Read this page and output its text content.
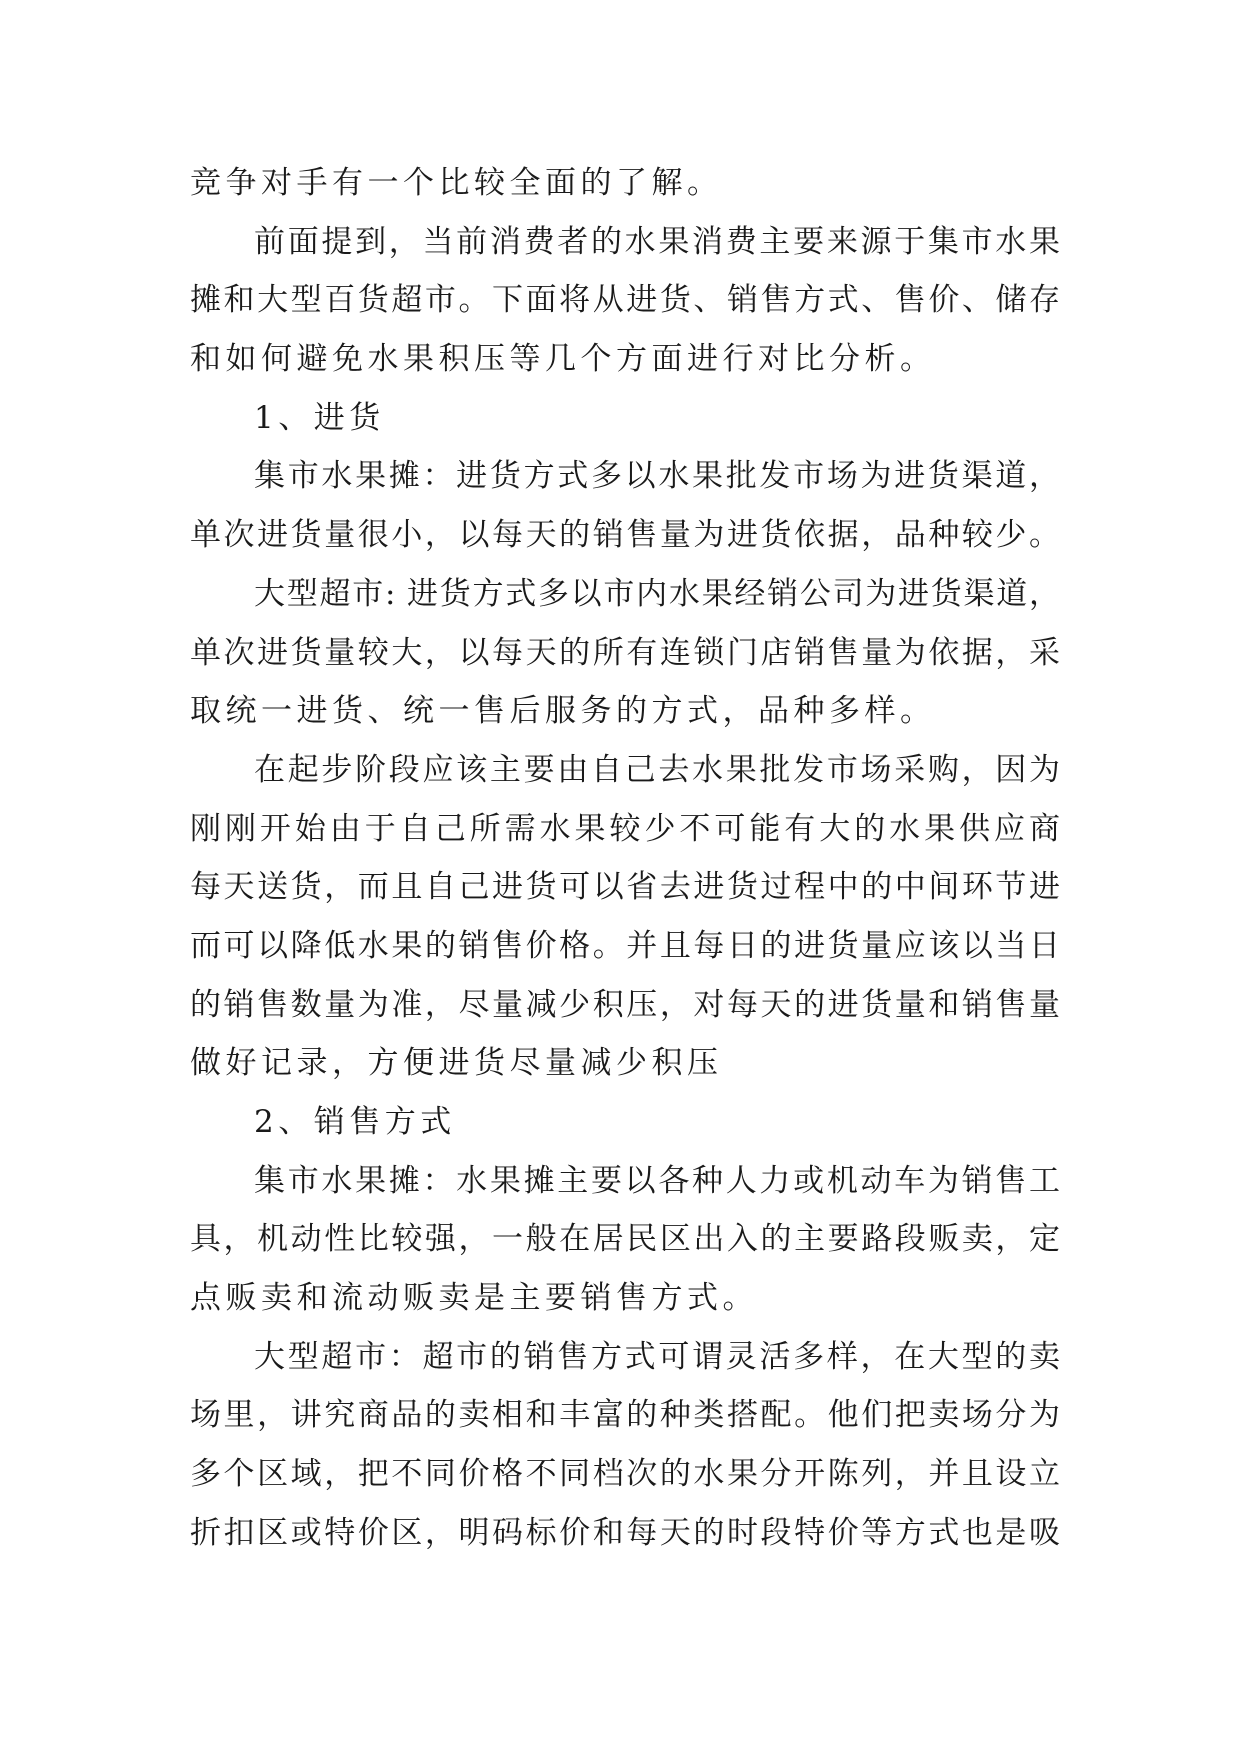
竞争对手有一个比较全面的了解。
前面提到，当前消费者的水果消费主要来源于集市水果
摊和大型百货超市。下面将从进货、销售方式、售价、储存
和如何避免水果积压等几个方面进行对比分析。
1、进货
集市水果摊：进货方式多以水果批发市场为进货渠道，
单次进货量很小，以每天的销售量为进货依据，品种较少。
大型超市: 进货方式多以市内水果经销公司为进货渠道，
单次进货量较大，以每天的所有连锁门店销售量为依据，采
取统一进货、统一售后服务的方式，品种多样。
在起步阶段应该主要由自己去水果批发市场采购，因为
刚刚开始由于自己所需水果较少不可能有大的水果供应商
每天送货，而且自己进货可以省去进货过程中的中间环节进
而可以降低水果的销售价格。并且每日的进货量应该以当日
的销售数量为准，尽量减少积压，对每天的进货量和销售量
做好记录，方便进货尽量减少积压
2、销售方式
集市水果摊：水果摊主要以各种人力或机动车为销售工
具，机动性比较强，一般在居民区出入的主要路段贩卖，定
点贩卖和流动贩卖是主要销售方式。
大型超市：超市的销售方式可谓灵活多样，在大型的卖
场里，讲究商品的卖相和丰富的种类搭配。他们把卖场分为
多个区域，把不同价格不同档次的水果分开陈列，并且设立
折扣区或特价区，明码标价和每天的时段特价等方式也是吸
